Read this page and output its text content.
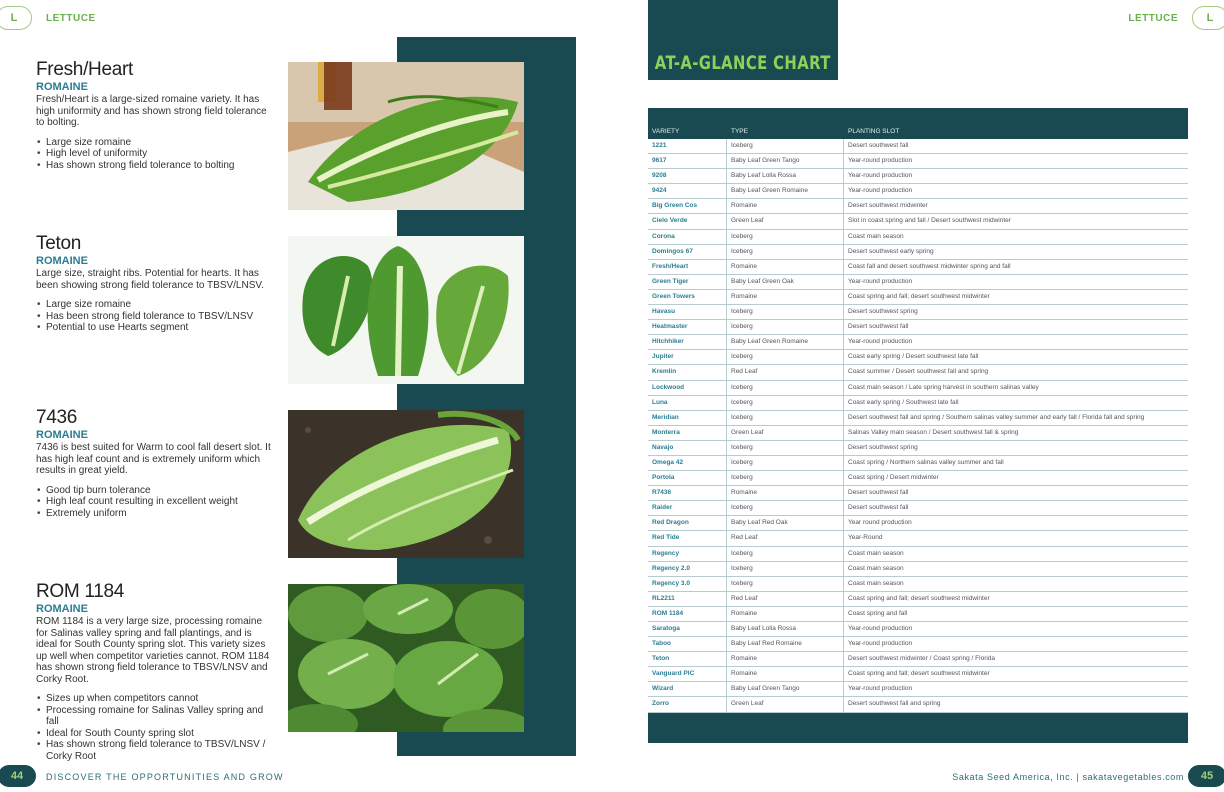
L	LETTUCE	LETTUCE	L
Fresh/Heart
ROMAINE
Fresh/Heart is a large-sized romaine variety. It has high uniformity and has shown strong field tolerance to bolting.
• Large size romaine
• High level of uniformity
• Has shown strong field tolerance to bolting
Teton
ROMAINE
Large size, straight ribs. Potential for hearts. It has been showing strong field tolerance to TBSV/LNSV.
• Large size romaine
• Has been strong field tolerance to TBSV/LNSV
• Potential to use Hearts segment
7436
ROMAINE
7436 is best suited for Warm to cool fall desert slot. It has high leaf count and is extremely uniform which results in great yield.
• Good tip burn tolerance
• High leaf count resulting in excellent weight
• Extremely uniform
ROM 1184
ROMAINE
ROM 1184 is a very large size, processing romaine for Salinas valley spring and fall plantings, and is ideal for South County spring slot. This variety sizes up well when competitor varieties cannot. ROM 1184 has shown strong field tolerance to TBSV/LNSV and Corky Root.
• Sizes up when competitors cannot
• Processing romaine for Salinas Valley spring and fall
• Ideal for South County spring slot
• Has shown strong field tolerance to TBSV/LNSV / Corky Root
AT-A-GLANCE CHART
VARIETY	TYPE	PLANTING SLOT
1221	Iceberg	Desert southwest fall
9617	Baby Leaf Green Tango	Year-round production
9208	Baby Leaf Lolla Rossa	Year-round production
9424	Baby Leaf Green Romaine	Year-round production
Big Green Cos	Romaine	Desert southwest midwinter
Cielo Verde	Green Leaf	Slot in coast spring and fall / Desert southwest midwinter
Corona	Iceberg	Coast main season
Domingos 67	Iceberg	Desert southwest early spring
Fresh/Heart	Romaine	Coast fall and desert southwest midwinter spring and fall
Green Tiger	Baby Leaf Green Oak	Year-round production
Green Towers	Romaine	Coast spring and fall; desert southwest midwinter
Havasu	Iceberg	Desert southwest spring
Heatmaster	Iceberg	Desert southwest fall
Hitchhiker	Baby Leaf Green Romaine	Year-round production
Jupiter	Iceberg	Coast early spring / Desert southwest late fall
Kremlin	Red Leaf	Coast summer / Desert southwest fall and spring
Lockwood	Iceberg	Coast main season / Late spring harvest in southern salinas valley
Luna	Iceberg	Coast early spring / Southwest late fall
Meridian	Iceberg	Desert southwest fall and spring / Southern salinas valley summer and early fall / Florida fall and spring
Monterra	Green Leaf	Salinas Valley main season / Desert southwest fall & spring
Navajo	Iceberg	Desert southwest spring
Omega 42	Iceberg	Coast spring / Northern salinas valley summer and fall
Portola	Iceberg	Coast spring / Desert midwinter
R7436	Romaine	Desert southwest fall
Raider	Iceberg	Desert southwest fall
Red Dragon	Baby Leaf Red Oak	Year round production
Red Tide	Red Leaf	Year-Round
Regency	Iceberg	Coast main season
Regency 2.0	Iceberg	Coast main season
Regency 3.0	Iceberg	Coast main season
RL2211	Red Leaf	Coast spring and fall; desert southwest midwinter
ROM 1184	Romaine	Coast spring and fall
Saratoga	Baby Leaf Lolla Rossa	Year-round production
Taboo	Baby Leaf Red Romaine	Year-round production
Teton	Romaine	Desert southwest midwinter / Coast spring / Florida
Vanguard PIC	Romaine	Coast spring and fall; desert southwest midwinter
Wizard	Baby Leaf Green Tango	Year-round production
Zorro	Green Leaf	Desert southwest fall and spring
44	DISCOVER THE OPPORTUNITIES AND GROW	Sakata Seed America, Inc. | sakatavegetables.com	45
